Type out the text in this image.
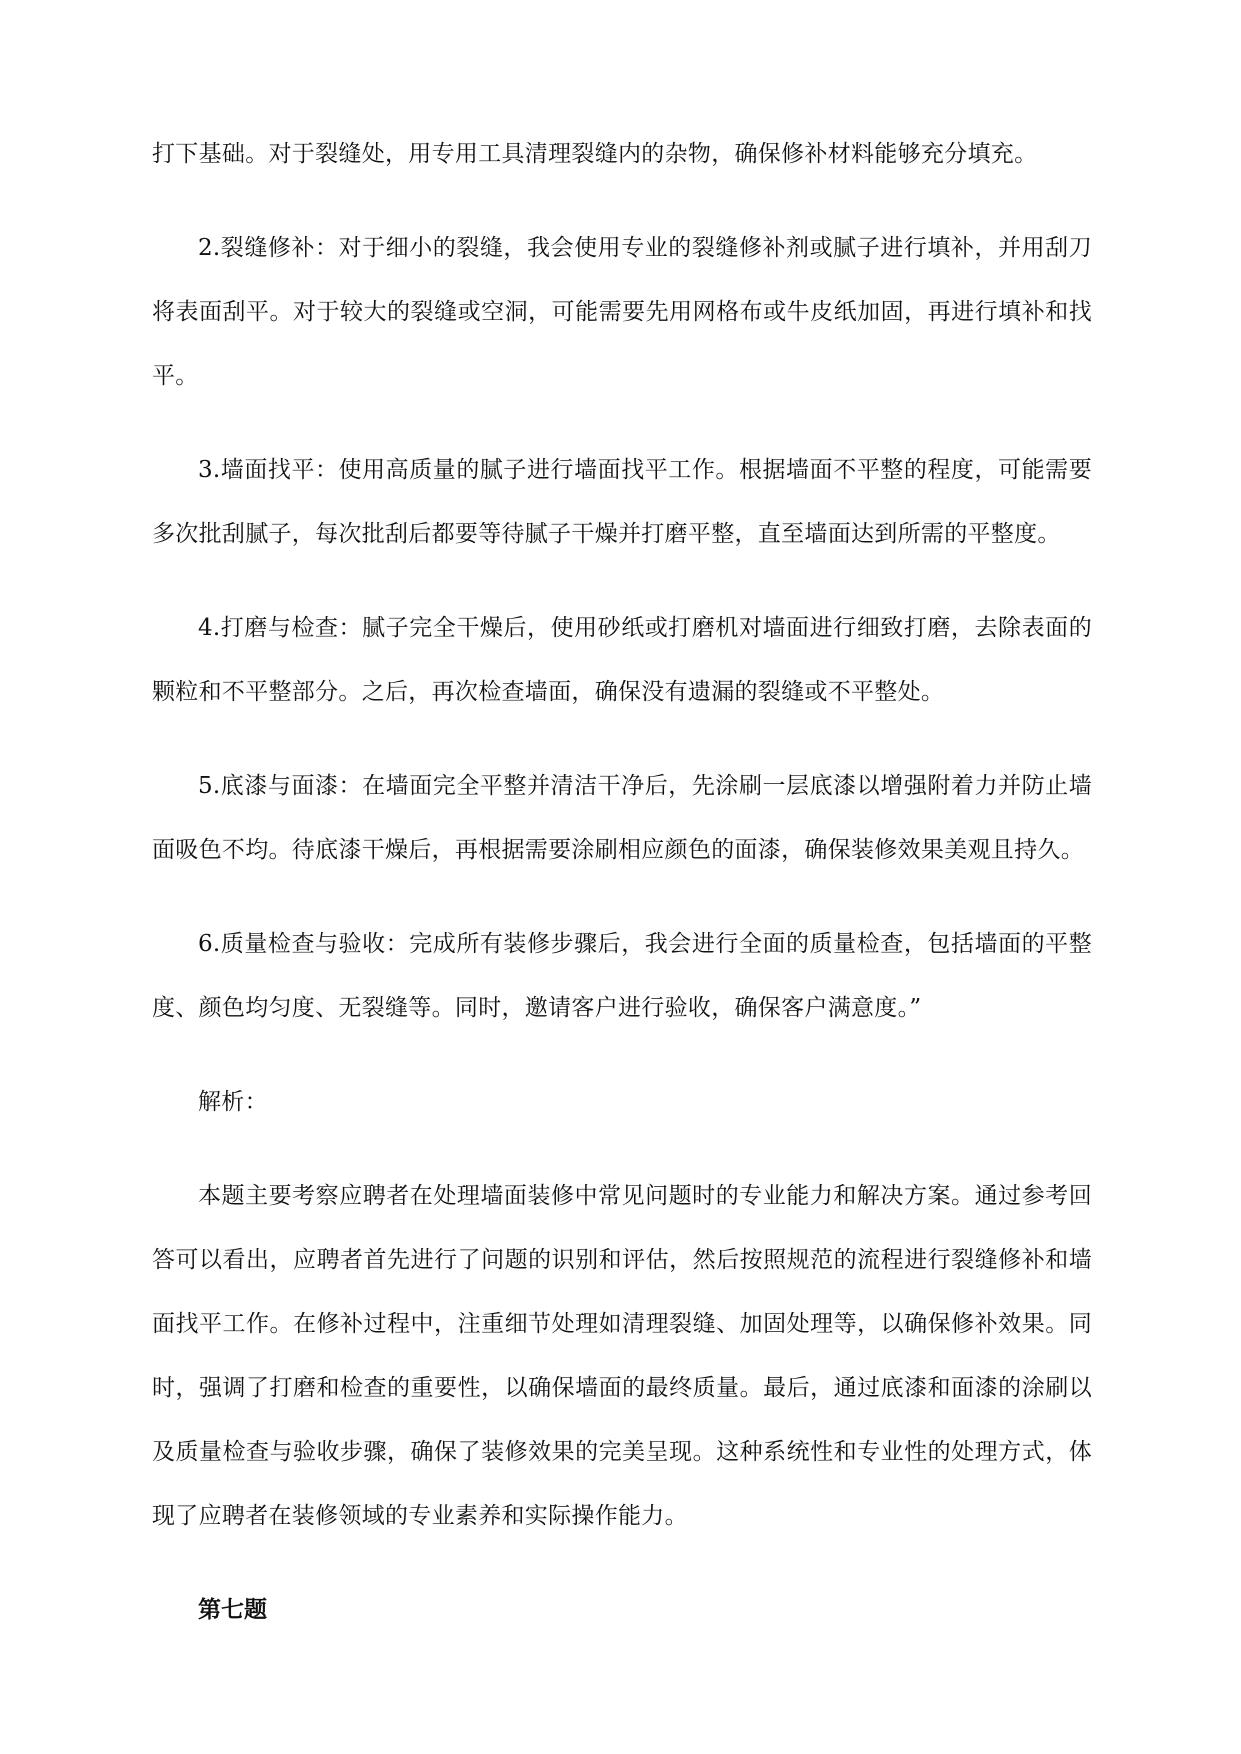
打下基础。对于裂缝处，用专用工具清理裂缝内的杂物，确保修补材料能够充分填充。

2.裂缝修补：对于细小的裂缝，我会使用专业的裂缝修补剂或腻子进行填补，并用刮刀将表面刮平。对于较大的裂缝或空洞，可能需要先用网格布或牛皮纸加固，再进行填补和找平。

3.墙面找平：使用高质量的腻子进行墙面找平工作。根据墙面不平整的程度，可能需要多次批刮腻子，每次批刮后都要等待腻子干燥并打磨平整，直至墙面达到所需的平整度。

4.打磨与检查：腻子完全干燥后，使用砂纸或打磨机对墙面进行细致打磨，去除表面的颗粒和不平整部分。之后，再次检查墙面，确保没有遗漏的裂缝或不平整处。

5.底漆与面漆：在墙面完全平整并清洁干净后，先涂刷一层底漆以增强附着力并防止墙面吸色不均。待底漆干燥后，再根据需要涂刷相应颜色的面漆，确保装修效果美观且持久。

6.质量检查与验收：完成所有装修步骤后，我会进行全面的质量检查，包括墙面的平整度、颜色均匀度、无裂缝等。同时，邀请客户进行验收，确保客户满意度。”

解析：

本题主要考察应聘者在处理墙面装修中常见问题时的专业能力和解决方案。通过参考回答可以看出，应聘者首先进行了问题的识别和评估，然后按照规范的流程进行裂缝修补和墙面找平工作。在修补过程中，注重细节处理如清理裂缝、加固处理等，以确保修补效果。同时，强调了打磨和检查的重要性，以确保墙面的最终质量。最后，通过底漆和面漆的涂刷以及质量检查与验收步骤，确保了装修效果的完美呈现。这种系统性和专业性的处理方式，体现了应聘者在装修领域的专业素养和实际操作能力。

第七题
